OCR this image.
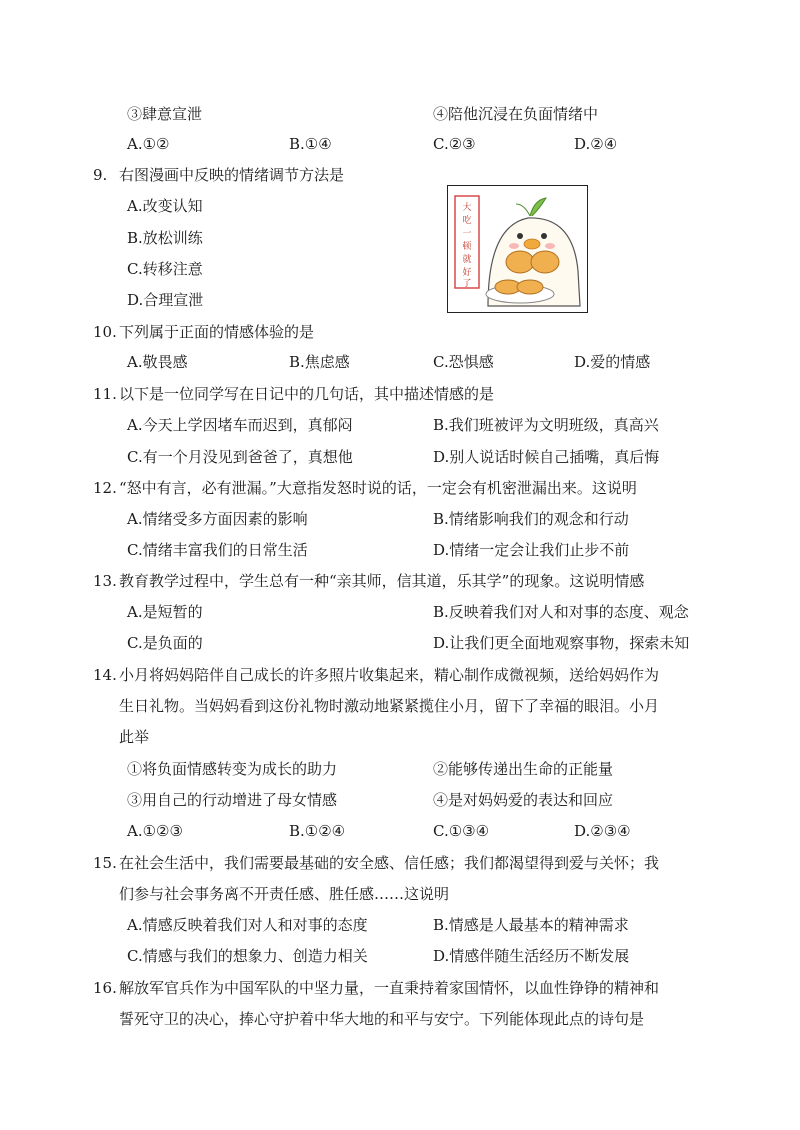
③肆意宣泄	④陪他沉浸在负面情绪中
A.①②	B.①④	C.②③	D.②④
9. 右图漫画中反映的情绪调节方法是
A.改变认知
B.放松训练
C.转移注意
D.合理宣泄
大
吃
一
顿
就
好
了
10. 下列属于正面的情感体验的是
A.敬畏感	B.焦虑感	C.恐惧感	D.爱的情感
11. 以下是一位同学写在日记中的几句话，其中描述情感的是
A.今天上学因堵车而迟到，真郁闷	B.我们班被评为文明班级，真高兴
C.有一个月没见到爸爸了，真想他	D.别人说话时候自己插嘴，真后悔
12. “怒中有言，必有泄漏。”大意指发怒时说的话，一定会有机密泄漏出来。这说明
A.情绪受多方面因素的影响	B.情绪影响我们的观念和行动
C.情绪丰富我们的日常生活	D.情绪一定会让我们止步不前
13. 教育教学过程中，学生总有一种“亲其师，信其道，乐其学”的现象。这说明情感
A.是短暂的	B.反映着我们对人和对事的态度、观念
C.是负面的	D.让我们更全面地观察事物，探索未知
14. 小月将妈妈陪伴自己成长的许多照片收集起来，精心制作成微视频，送给妈妈作为
生日礼物。当妈妈看到这份礼物时激动地紧紧揽住小月，留下了幸福的眼泪。小月
此举
①将负面情感转变为成长的助力	②能够传递出生命的正能量
③用自己的行动增进了母女情感	④是对妈妈爱的表达和回应
A.①②③	B.①②④	C.①③④	D.②③④
15. 在社会生活中，我们需要最基础的安全感、信任感；我们都渴望得到爱与关怀；我
们参与社会事务离不开责任感、胜任感……这说明
A.情感反映着我们对人和对事的态度	B.情感是人最基本的精神需求
C.情感与我们的想象力、创造力相关	D.情感伴随生活经历不断发展
16. 解放军官兵作为中国军队的中坚力量，一直秉持着家国情怀，以血性铮铮的精神和
誓死守卫的决心，捧心守护着中华大地的和平与安宁。下列能体现此点的诗句是
